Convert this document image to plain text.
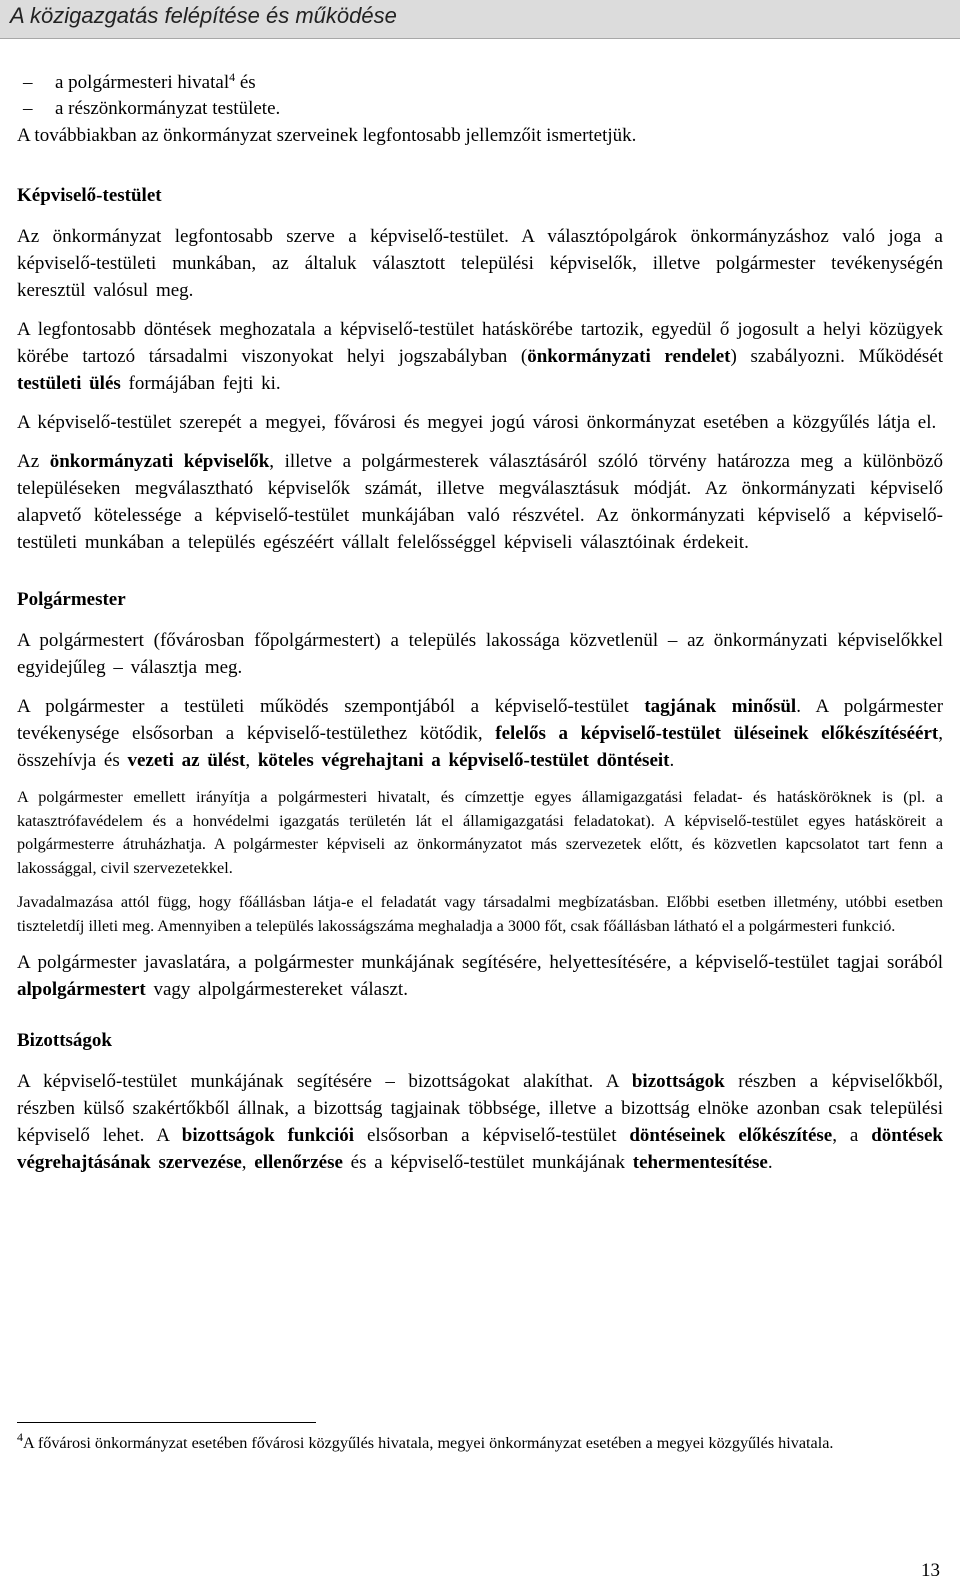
A közigazgatás felépítése és működése

– a polgármesteri hivatal$^4$ és

– a részönkormányzat testülete.

A továbbiakban az önkormányzat szerveinek legfontosabb jellemzőit ismertetjük.

Képviselő-testület

Az önkormányzat legfontosabb szerve a képviselő-testület. A választópolgárok önkormányzáshoz való joga a képviselő-testületi munkában, az általuk választott települési képviselők, illetve polgármester tevékenységén keresztül valósul meg.

A legfontosabb döntések meghozatala a képviselő-testület hatáskörébe tartozik, egyedül ő jogosult a helyi közügyek körébe tartozó társadalmi viszonyokat helyi jogszabályban (önkormányzati rendelet) szabályozni. Működését testületi ülés formájában fejti ki.

A képviselő-testület szerepét a megyei, fővárosi és megyei jogú városi önkormányzat esetében a közgyűlés látja el.

Az önkormányzati képviselők, illetve a polgármesterek választásáról szóló törvény határozza meg a különböző településeken megválasztható képviselők számát, illetve megválasztásuk módját. Az önkormányzati képviselő alapvető kötelessége a képviselő-testület munkájában való részvétel. Az önkormányzati képviselő a képviselő-testületi munkában a település egészéért vállalt felelősséggel képviseli választóinak érdekeit.

Polgármester

A polgármestert (fővárosban főpolgármestert) a település lakossága közvetlenül – az önkormányzati képviselőkkel egyidejűleg – választja meg.

A polgármester a testületi működés szempontjából a képviselő-testület tagjának minősül. A polgármester tevékenysége elsősorban a képviselő-testülethez kötődik, felelős a képviselő-testület üléseinek előkészítéséért, összehívja és vezeti az ülést, köteles végrehajtani a képviselő-testület döntéseit.

A polgármester emellett irányítja a polgármesteri hivatalt, és címzettje egyes államigazgatási feladat- és hatásköröknek is (pl. a katasztrófavédelem és a honvédelmi igazgatás területén lát el államigazgatási feladatokat). A képviselő-testület egyes hatásköreit a polgármesterre átruházhatja. A polgármester képviseli az önkormányzatot más szervezetek előtt, és közvetlen kapcsolatot tart fenn a lakossággal, civil szervezetekkel.

Javadalmazása attól függ, hogy főállásban látja-e el feladatát vagy társadalmi megbízatásban. Előbbi esetben illetmény, utóbbi esetben tiszteletdíj illeti meg. Amennyiben a település lakosságszáma meghaladja a 3000 főt, csak főállásban látható el a polgármesteri funkció.

A polgármester javaslatára, a polgármester munkájának segítésére, helyettesítésére, a képviselő-testület tagjai sorából alpolgármestert vagy alpolgármestereket választ.

Bizottságok

A képviselő-testület munkájának segítésére – bizottságokat alakíthat. A bizottságok részben a képviselőkből, részben külső szakértőkből állnak, a bizottság tagjainak többsége, illetve a bizottság elnöke azonban csak települési képviselő lehet. A bizottságok funkciói elsősorban a képviselő-testület döntéseinek előkészítése, a döntések végrehajtásának szervezése, ellenőrzése és a képviselő-testület munkájának tehermentesítése.

$^4$A fővárosi önkormányzat esetében fővárosi közgyűlés hivatala, megyei önkormányzat esetében a megyei közgyűlés hivatala.
13
